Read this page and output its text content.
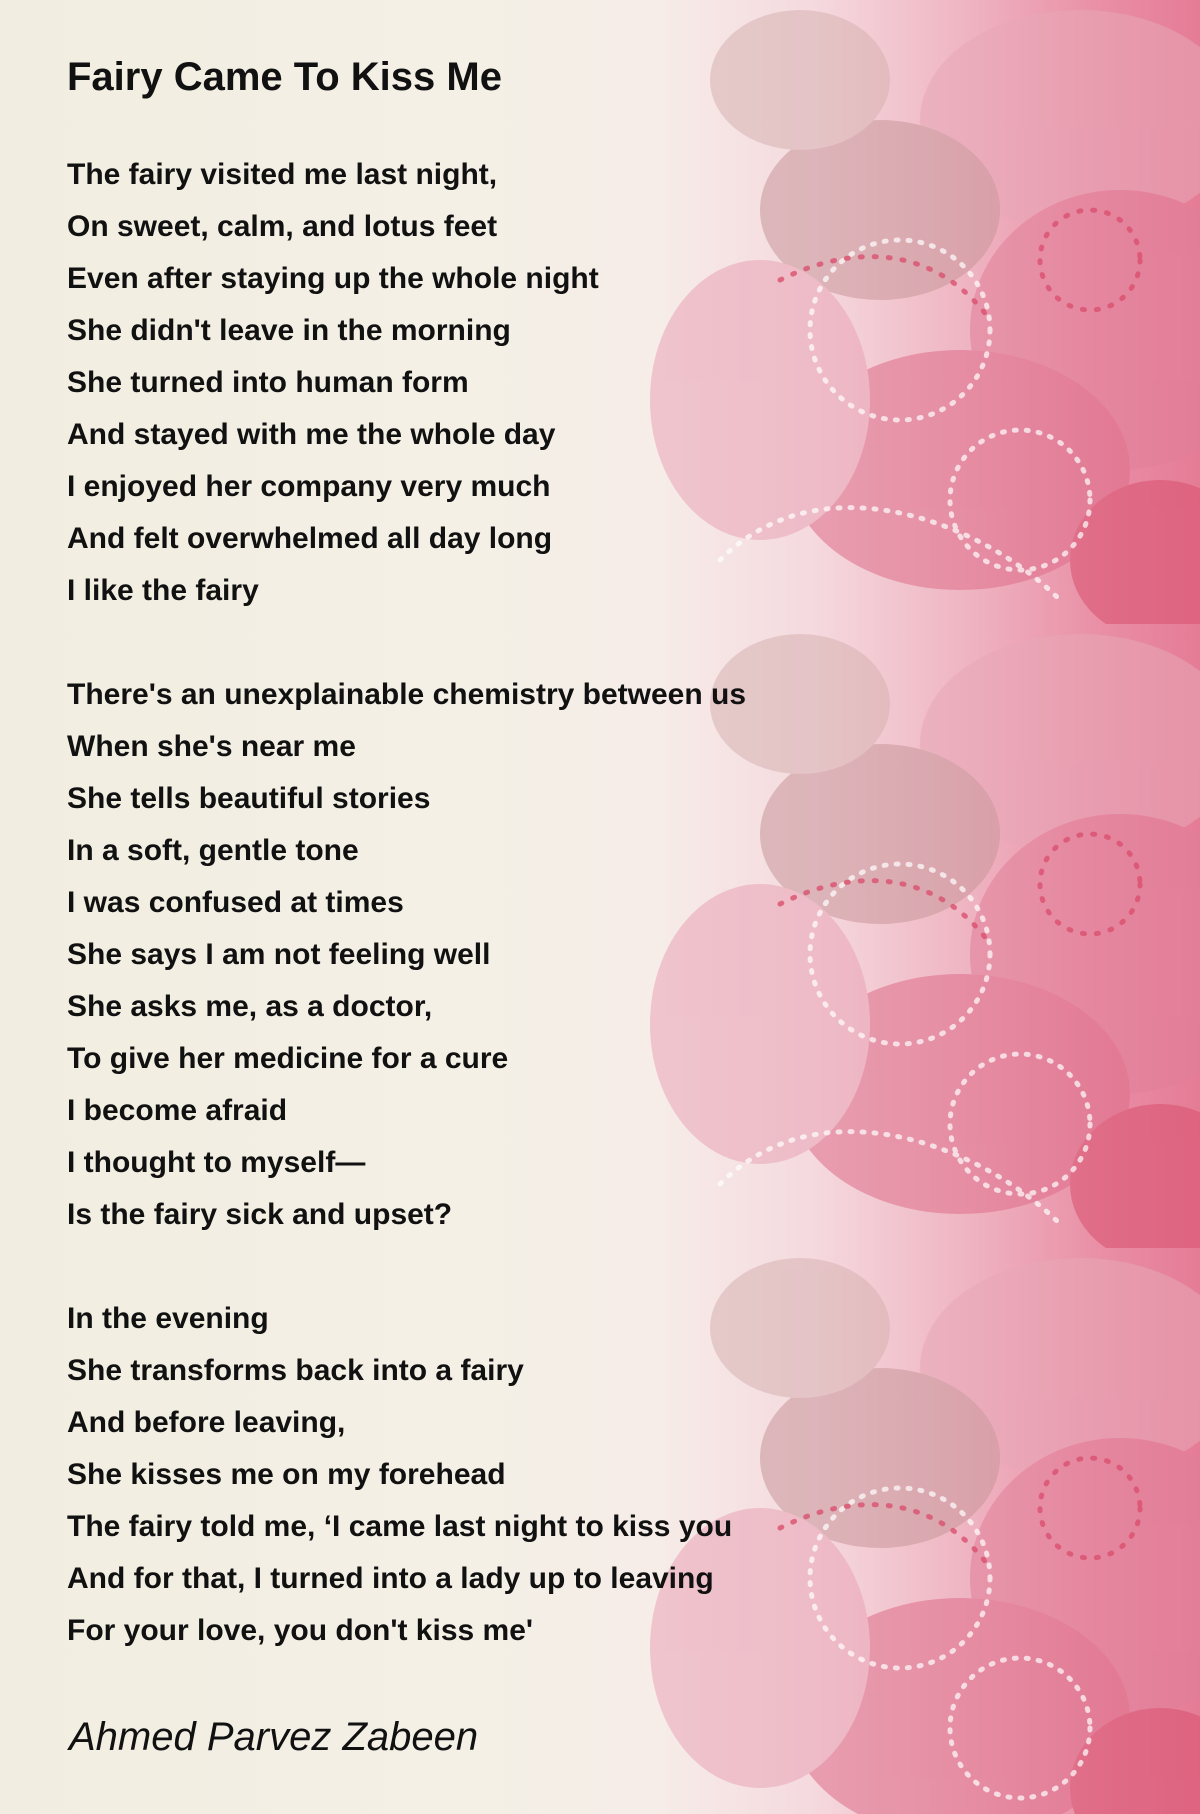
Fairy Came To Kiss Me
The fairy visited me last night,
On sweet, calm, and lotus feet
Even after staying up the whole night
She didn't leave in the morning
She turned into human form
And stayed with me the whole day
I enjoyed her company very much
And felt overwhelmed all day long
I like the fairy
There's an unexplainable chemistry between us
When she's near me
She tells beautiful stories
In a soft, gentle tone
I was confused at times
She says I am not feeling well
She asks me, as a doctor,
To give her medicine for a cure
I become afraid
I thought to myself—
Is the fairy sick and upset?
In the evening
She transforms back into a fairy
And before leaving,
She kisses me on my forehead
The fairy told me, ‘I came last night to kiss you
And for that, I turned into a lady up to leaving
For your love, you don't kiss me'

Ahmed Parvez Zabeen
